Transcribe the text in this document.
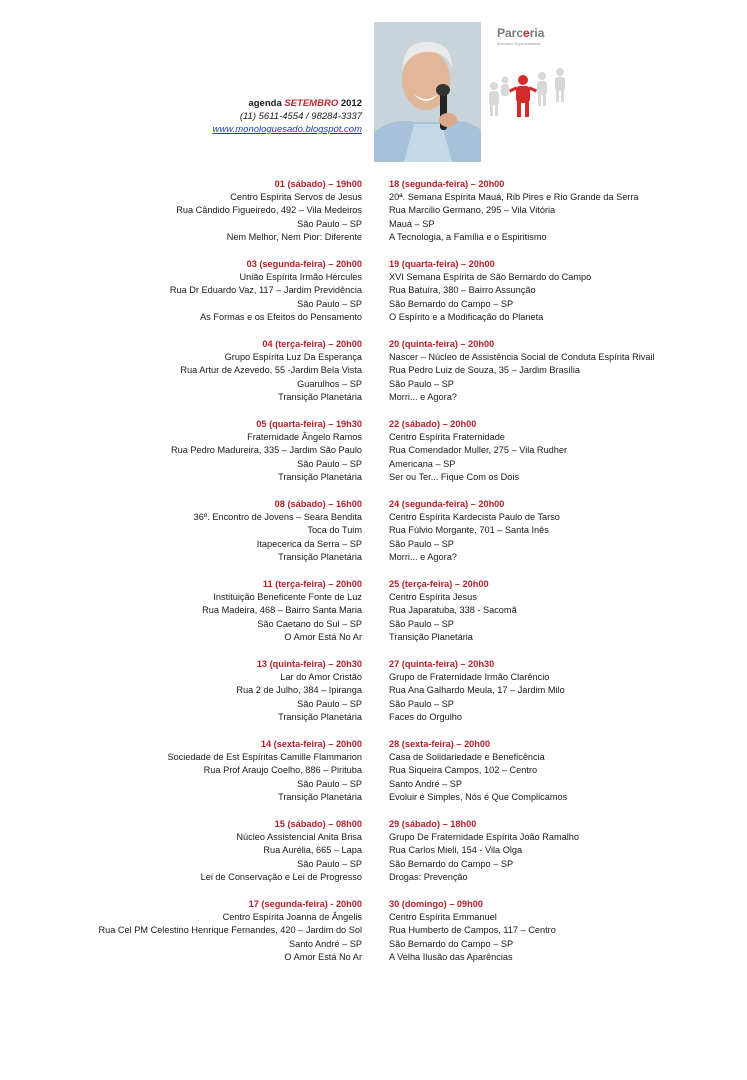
agenda SETEMBRO 2012
(11) 5611-4554 / 98284-3337
www.monologuesado.blogspot.com
Parceria
Mensário Espiritualidade
01 (sábado) – 19h00
Centro Espírita Servos de Jesus
Rua Cândido Figueiredo, 492 – Vila Medeiros
São Paulo – SP
Nem Melhor, Nem Pior: Diferente
03 (segunda-feira) – 20h00
União Espírita Irmão Hércules
Rua Dr Eduardo Vaz, 117 – Jardim Previdência
São Paulo – SP
As Formas e os Efeitos do Pensamento
04 (terça-feira) – 20h00
Grupo Espírita Luz Da Esperança
Rua Artur de Azevedo, 55 -Jardim Bela Vista
Guarulhos – SP
Transição Planetária
05 (quarta-feira) – 19h30
Fraternidade Ângelo Ramos
Rua Pedro Madureira, 335 – Jardim São Paulo
São Paulo – SP
Transição Planetária
08 (sábado) – 16h00
36º. Encontro de Jovens – Seara Bendita
Toca do Tuim
Itapecerica da Serra – SP
Transição Planetária
11 (terça-feira) – 20h00
Instituição Beneficente Fonte de Luz
Rua Madeira, 468 – Bairro Santa Maria
São Caetano do Sul – SP
O Amor Está No Ar
13 (quinta-feira) – 20h30
Lar do Amor Cristão
Rua 2 de Julho, 384 – Ipiranga
São Paulo – SP
Transição Planetária
14 (sexta-feira) – 20h00
Sociedade de Est Espíritas Camille Flammarion
Rua Prof Araujo Coelho, 886 – Pirituba
São Paulo – SP
Transição Planetária
15 (sábado) – 08h00
Núcleo Assistencial Anita Brisa
Rua Aurélia, 665 – Lapa
São Paulo – SP
Lei de Conservação e Lei de Progresso
17 (segunda-feira) - 20h00
Centro Espírita Joanna de Ângelis
Rua Cel PM Celestino Henrique Fernandes, 420 – Jardim do Sol
Santo André – SP
O Amor Está No Ar
18 (segunda-feira) – 20h00
20ª. Semana Espírita Mauá, Rib Pires e Rio Grande da Serra
Rua Marcilio Germano, 295 – Vila Vitória
Mauá – SP
A Tecnologia, a Família e o Espiritismo
19 (quarta-feira) – 20h00
XVI Semana Espírita de São Bernardo do Campo
Rua Batuíra, 380 – Bairro Assunção
São Bernardo do Campo – SP
O Espírito e a Modificação do Planeta
20 (quinta-feira) – 20h00
Nascer – Núcleo de Assistência Social de Conduta Espírita Rivail
Rua Pedro Luiz de Souza, 35 – Jardim Brasília
São Paulo – SP
Morri... e Agora?
22 (sábado) – 20h00
Centro Espírita Fraternidade
Rua Comendador Muller, 275 – Vila Rudher
Americana – SP
Ser ou Ter... Fique Com os Dois
24 (segunda-feira) – 20h00
Centro Espírita Kardecista Paulo de Tarso
Rua Fúlvio Morgante, 701 – Santa Inês
São Paulo – SP
Morri... e Agora?
25 (terça-feira) – 20h00
Centro Espírita Jesus
Rua Japaratuba, 338 - Sacomã
São Paulo – SP
Transição Planetária
27 (quinta-feira) – 20h30
Grupo de Fraternidade Irmão Clarêncio
Rua Ana Galhardo Meula, 17 – Jardim Milo
São Paulo – SP
Faces do Orgulho
28 (sexta-feira) – 20h00
Casa de Solidariedade e Beneficência
Rua Siqueira Campos, 102 – Centro
Santo André – SP
Evoluir é Simples, Nós é Que Complicamos
29 (sábado) – 18h00
Grupo De Fraternidade Espírita João Ramalho
Rua Carlos Mieli, 154 - Vila Olga
São Bernardo do Campo – SP
Drogas: Prevenção
30 (domingo) – 09h00
Centro Espírita Emmanuel
Rua Humberto de Campos, 117 – Centro
São Bernardo do Campo – SP
A Velha Ilusão das Aparências
